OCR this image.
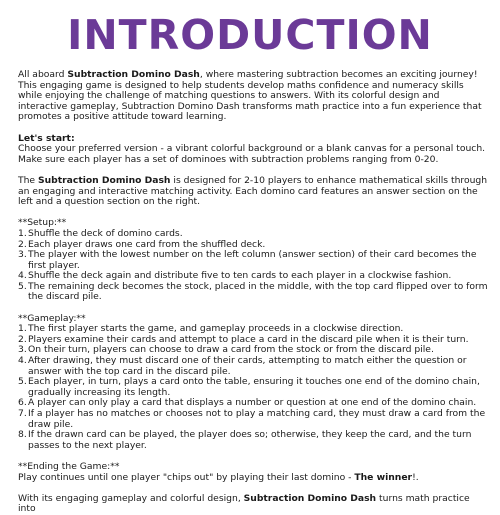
INTRODUCTION

All aboard Subtraction Domino Dash, where mastering subtraction becomes an exciting journey! This engaging game is designed to help students develop maths confidence and numeracy skills while enjoying the challenge of matching questions to answers. With its colorful design and interactive gameplay, Subtraction Domino Dash transforms math practice into a fun experience that promotes a positive attitude toward learning.

Let's start:
Choose your preferred version - a vibrant colorful background or a blank canvas for a personal touch.
Make sure each player has a set of dominoes with subtraction problems ranging from 0-20.

The Subtraction Domino Dash is designed for 2-10 players to enhance mathematical skills through an engaging and interactive matching activity. Each domino card features an answer section on the left and a question section on the right.

**Setup:**

1. Shuffle the deck of domino cards.
2. Each player draws one card from the shuffled deck.
3. The player with the lowest number on the left column (answer section) of their card becomes the first player.
4. Shuffle the deck again and distribute five to ten cards to each player in a clockwise fashion.
5. The remaining deck becomes the stock, placed in the middle, with the top card flipped over to form the discard pile.

**Gameplay:**

1. The first player starts the game, and gameplay proceeds in a clockwise direction.
2. Players examine their cards and attempt to place a card in the discard pile when it is their turn.
3. On their turn, players can choose to draw a card from the stock or from the discard pile.
4. After drawing, they must discard one of their cards, attempting to match either the question or answer with the top card in the discard pile.
5. Each player, in turn, plays a card onto the table, ensuring it touches one end of the domino chain, gradually increasing its length.
6. A player can only play a card that displays a number or question at one end of the domino chain.
7. If a player has no matches or chooses not to play a matching card, they must draw a card from the draw pile.
8. If the drawn card can be played, the player does so; otherwise, they keep the card, and the turn passes to the next player.

**Ending the Game:**

Play continues until one player "chips out" by playing their last domino - The winner!.

With its engaging gameplay and colorful design, Subtraction Domino Dash turns math practice into
